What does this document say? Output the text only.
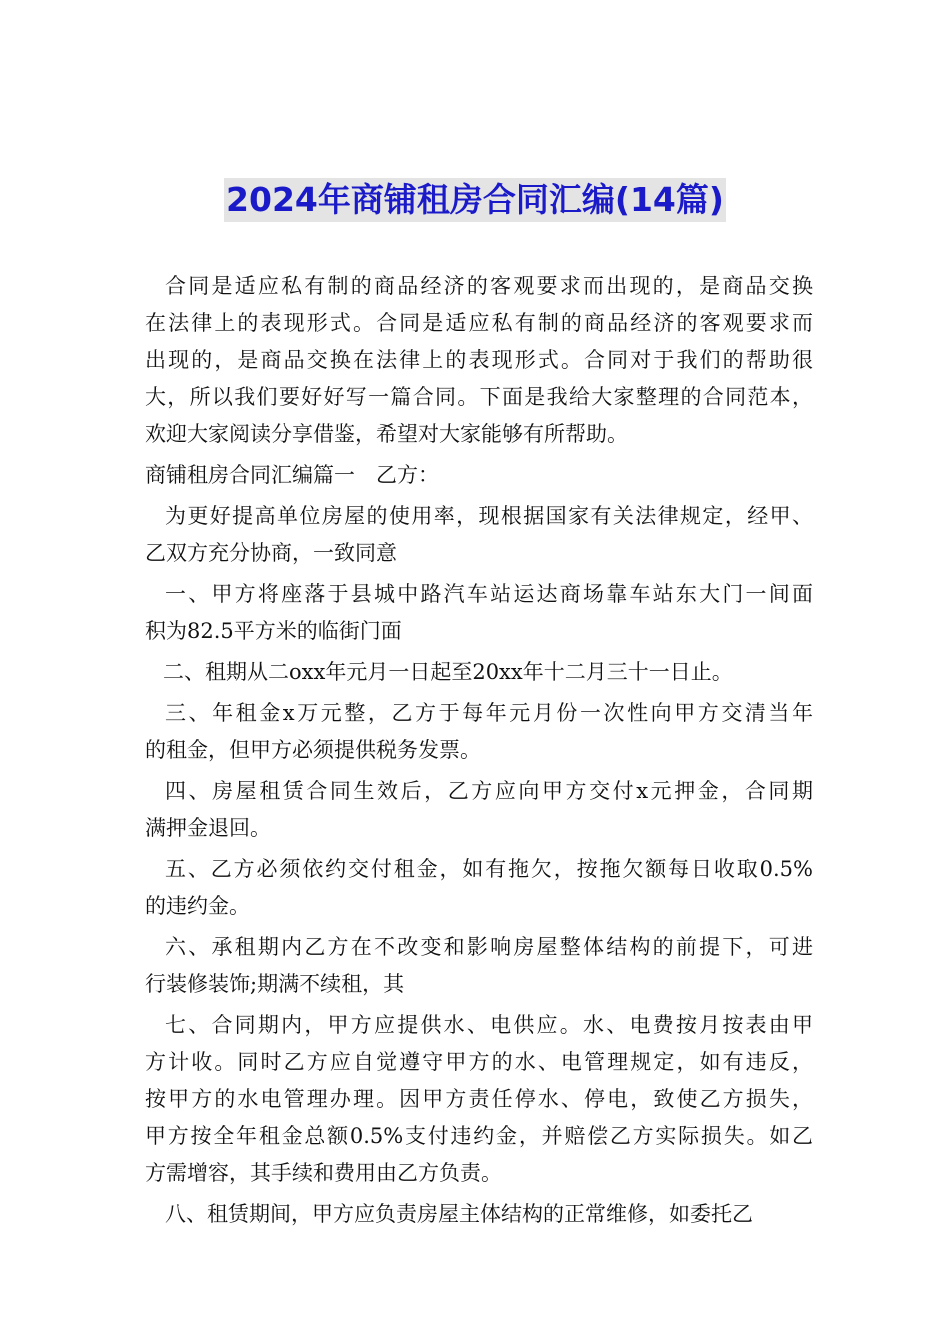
2024年商铺租房合同汇编(14篇)
合同是适应私有制的商品经济的客观要求而出现的，是商品交换
在法律上的表现形式。合同是适应私有制的商品经济的客观要求而
出现的，是商品交换在法律上的表现形式。合同对于我们的帮助很
大，所以我们要好好写一篇合同。下面是我给大家整理的合同范本，
欢迎大家阅读分享借鉴，希望对大家能够有所帮助。
商铺租房合同汇编篇一　乙方：
为更好提高单位房屋的使用率，现根据国家有关法律规定，经甲、
乙双方充分协商，一致同意
一、甲方将座落于县城中路汽车站运达商场靠车站东大门一间面
积为82.5平方米的临街门面
二、租期从二oxx年元月一日起至20xx年十二月三十一日止。
三、年租金x万元整，乙方于每年元月份一次性向甲方交清当年
的租金，但甲方必须提供税务发票。
四、房屋租赁合同生效后，乙方应向甲方交付x元押金，合同期
满押金退回。
五、乙方必须依约交付租金，如有拖欠，按拖欠额每日收取0.5%
的违约金。
六、承租期内乙方在不改变和影响房屋整体结构的前提下，可进
行装修装饰;期满不续租，其
七、合同期内，甲方应提供水、电供应。水、电费按月按表由甲
方计收。同时乙方应自觉遵守甲方的水、电管理规定，如有违反，
按甲方的水电管理办理。因甲方责任停水、停电，致使乙方损失，
甲方按全年租金总额0.5%支付违约金，并赔偿乙方实际损失。如乙
方需增容，其手续和费用由乙方负责。
八、租赁期间，甲方应负责房屋主体结构的正常维修，如委托乙
